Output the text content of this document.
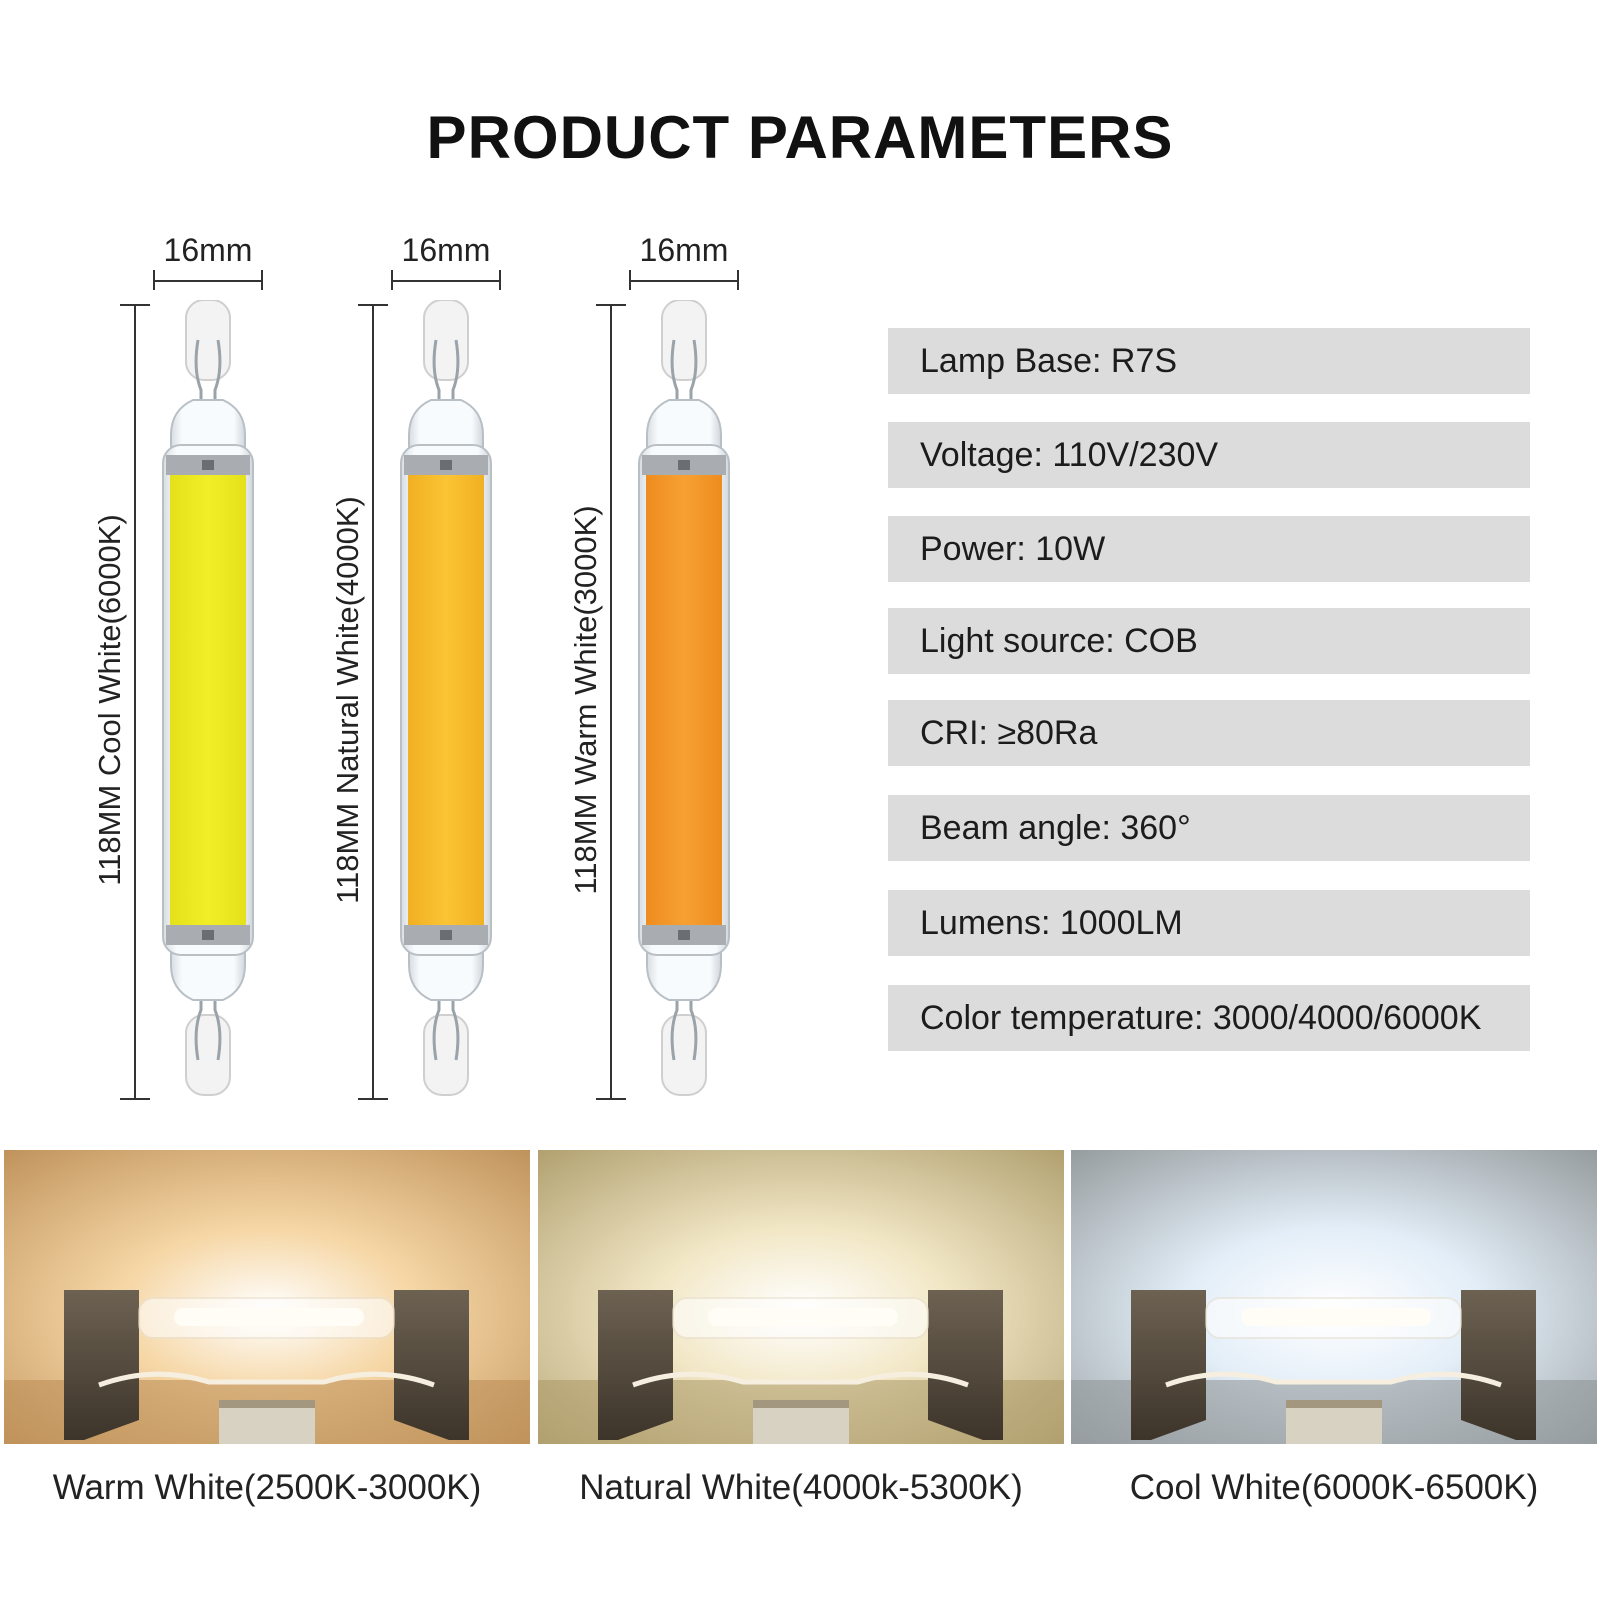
PRODUCT PARAMETERS
16mm
118MM Cool White(6000K)
16mm
118MM Natural White(4000K)
16mm
118MM Warm White(3000K)
Lamp Base: R7S
Voltage: 110V/230V
Power: 10W
Light source: COB
CRI: ≥80Ra
Beam angle: 360°
Lumens: 1000LM
Color temperature: 3000/4000/6000K
Warm White(2500K-3000K)	Natural White(4000k-5300K)	Cool White(6000K-6500K)
